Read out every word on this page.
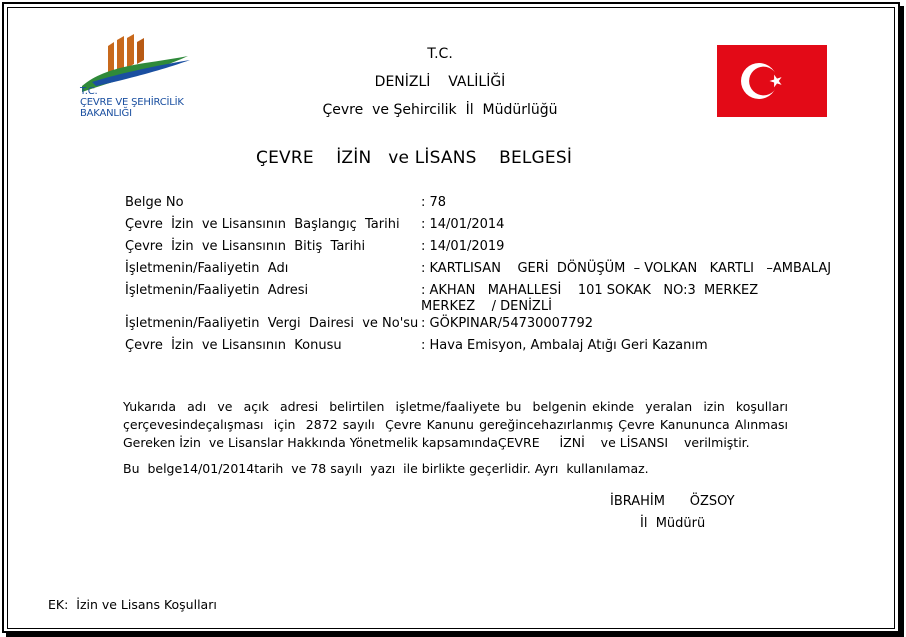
T.C.
ÇEVRE VE ŞEHİRCİLİK
BAKANLIĞI
T.C.
DENİZLİ    VALİLİĞİ
Çevre  ve Şehircilik  İl  Müdürlüğü
ÇEVRE    İZİN   ve LİSANS    BELGESİ
Belge No	: 78
Çevre  İzin  ve Lisansının  Başlangıç  Tarihi : 14/01/2014
Çevre  İzin  ve Lisansının  Bitiş  Tarihi	: 14/01/2019
İşletmenin/Faaliyetin  Adı	: KARTLISAN    GERİ  DÖNÜŞÜM  – VOLKAN   KARTLI   –AMBALAJ
İşletmenin/Faaliyetin  Adresi	: AKHAN   MAHALLESİ    101 SOKAK   NO:3  MERKEZ
MERKEZ    / DENİZLİ
İşletmenin/Faaliyetin  Vergi  Dairesi  ve No'su : GÖKPINAR/54730007792
Çevre  İzin  ve Lisansının  Konusu	: Hava Emisyon, Ambalaj Atığı Geri Kazanım
Yukarıda  adı  ve  açık  adresi  belirtilen  işletme/faaliyete bu  belgenin ekinde  yeralan  izin  koşulları
çerçevesindeçalışması  için  2872 sayılı  Çevre Kanunu gereğincehazırlanmış Çevre Kanununca Alınması
Gereken İzin  ve Lisanslar Hakkında Yönetmelik kapsamındaÇEVRE     İZNİ    ve LİSANSI    verilmiştir.
Bu  belge14/01/2014tarih  ve 78 sayılı  yazı  ile birlikte geçerlidir. Ayrı  kullanılamaz.
İBRAHİM      ÖZSOY
İl  Müdürü
EK:  İzin ve Lisans Koşulları
